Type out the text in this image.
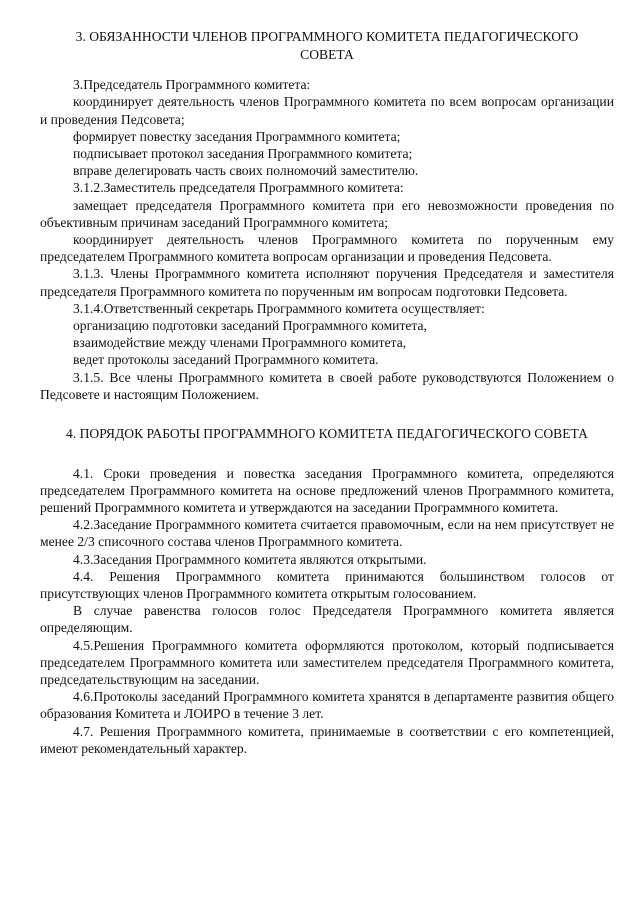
3. ОБЯЗАННОСТИ ЧЛЕНОВ ПРОГРАММНОГО КОМИТЕТА ПЕДАГОГИЧЕСКОГО СОВЕТА

3.Председатель Программного комитета:

координирует деятельность членов Программного комитета по всем вопросам организации и проведения Педсовета;

формирует повестку заседания Программного комитета;

подписывает протокол заседания Программного комитета;

вправе делегировать часть своих полномочий заместителю.

3.1.2.Заместитель председателя Программного комитета:

замещает председателя Программного комитета при его невозможности проведения по объективным причинам заседаний Программного комитета;

координирует деятельность членов Программного комитета по порученным ему председателем Программного комитета вопросам организации и проведения Педсовета.

3.1.3. Члены Программного комитета исполняют поручения Председателя и заместителя председателя Программного комитета по порученным им вопросам подготовки Педсовета.

3.1.4.Ответственный секретарь Программного комитета осуществляет:

организацию подготовки заседаний Программного комитета,

взаимодействие между членами Программного комитета,

ведет протоколы заседаний Программного комитета.

3.1.5. Все члены Программного комитета в своей работе руководствуются Положением о Педсовете и настоящим Положением.

4. ПОРЯДОК РАБОТЫ ПРОГРАММНОГО КОМИТЕТА ПЕДАГОГИЧЕСКОГО СОВЕТА

4.1. Сроки проведения и повестка заседания Программного комитета, определяются председателем Программного комитета на основе предложений членов Программного комитета, решений Программного комитета и утверждаются на заседании Программного комитета.

4.2.Заседание Программного комитета считается правомочным, если на нем присутствует не менее 2/3 списочного состава членов Программного комитета.

4.3.Заседания Программного комитета являются открытыми.

4.4. Решения Программного комитета принимаются большинством голосов от присутствующих членов Программного комитета открытым голосованием.

В случае равенства голосов голос Председателя Программного комитета является определяющим.

4.5.Решения Программного комитета оформляются протоколом, который подписывается председателем Программного комитета или заместителем председателя Программного комитета, председательствующим на заседании.

4.6.Протоколы заседаний Программного комитета хранятся в департаменте развития общего образования Комитета и ЛОИРО в течение 3 лет.

4.7. Решения Программного комитета, принимаемые в соответствии с его компетенцией, имеют рекомендательный характер.
